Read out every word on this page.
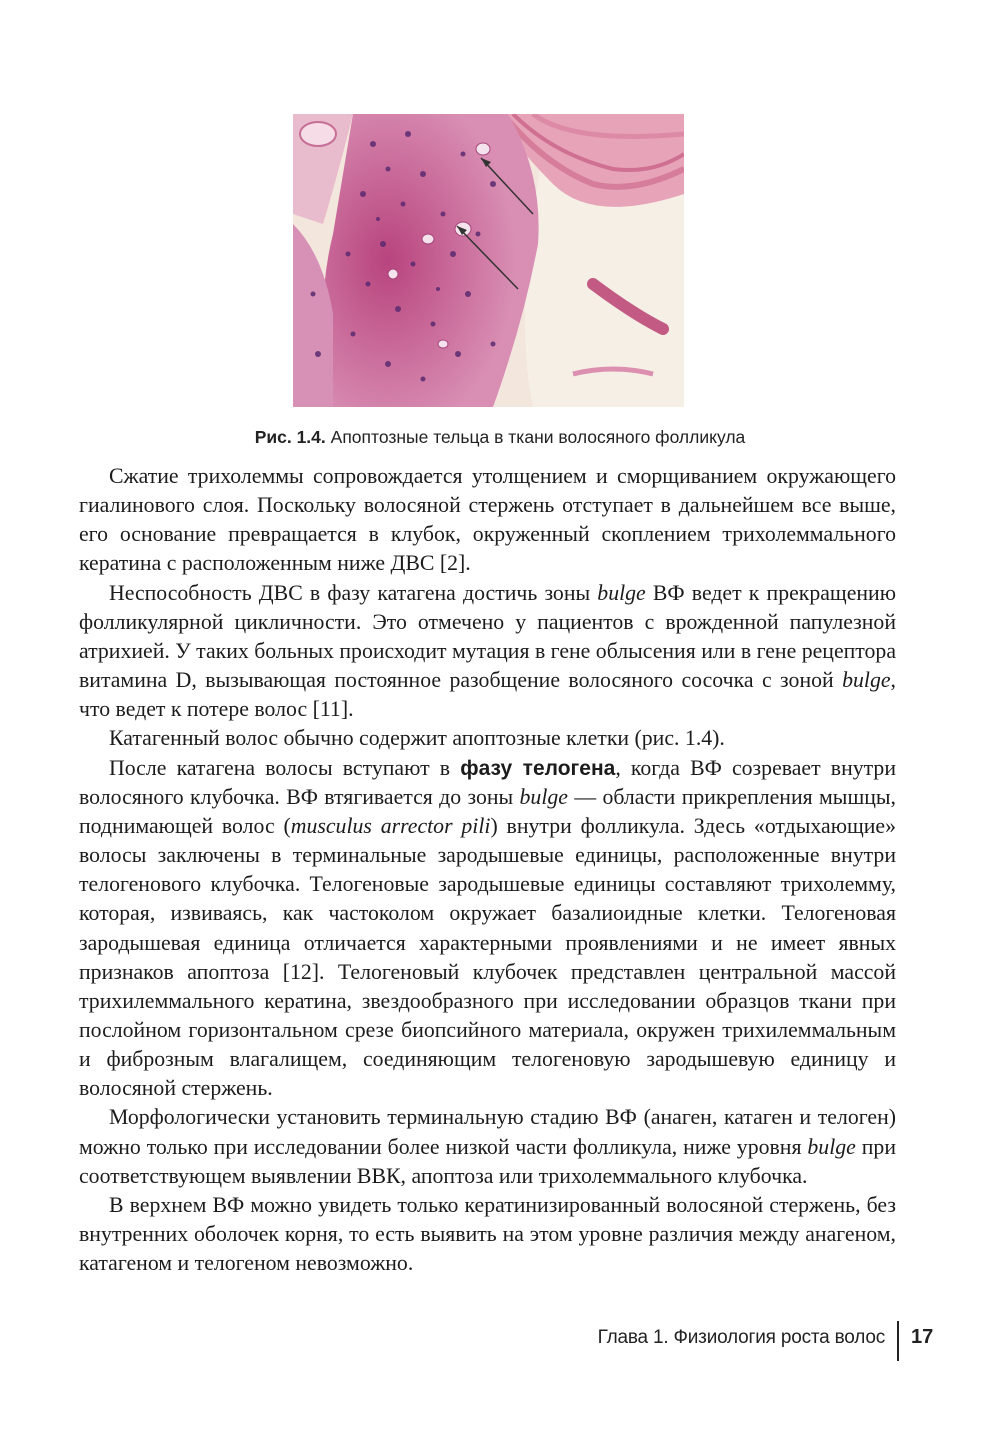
Рис. 1.4. Апоптозные тельца в ткани волосяного фолликула

Сжатие трихолеммы сопровождается утолщением и сморщиванием окружающего гиалинового слоя. Поскольку волосяной стержень отступает в дальнейшем все выше, его основание превращается в клубок, окруженный скоплением трихолеммального кератина с расположенным ниже ДВС [2].

Неспособность ДВС в фазу катагена достичь зоны bulge ВФ ведет к прекращению фолликулярной цикличности. Это отмечено у пациентов с врожденной папулезной атрихией. У таких больных происходит мутация в гене облысения или в гене рецептора витамина D, вызывающая постоянное разобщение волосяного сосочка с зоной bulge, что ведет к потере волос [11].

Катагенный волос обычно содержит апоптозные клетки (рис. 1.4).

После катагена волосы вступают в фазу телогена, когда ВФ созревает внутри волосяного клубочка. ВФ втягивается до зоны bulge — области прикрепления мышцы, поднимающей волос (musculus arrector pili) внутри фолликула. Здесь «отдыхающие» волосы заключены в терминальные зародышевые единицы, расположенные внутри телогенового клубочка. Телогеновые зародышевые единицы составляют трихолемму, которая, извиваясь, как частоколом окружает базалиоидные клетки. Телогеновая зародышевая единица отличается характерными проявлениями и не имеет явных признаков апоптоза [12]. Телогеновый клубочек представлен центральной массой трихилеммального кератина, звездообразного при исследовании образцов ткани при послойном горизонтальном срезе биопсийного материала, окружен трихилеммальным и фиброзным влагалищем, соединяющим телогеновую зародышевую единицу и волосяной стержень.

Морфологически установить терминальную стадию ВФ (анаген, катаген и телоген) можно только при исследовании более низкой части фолликула, ниже уровня bulge при соответствующем выявлении ВВК, апоптоза или трихолеммального клубочка.

В верхнем ВФ можно увидеть только кератинизированный волосяной стержень, без внутренних оболочек корня, то есть выявить на этом уровне различия между анагеном, катагеном и телогеном невозможно.

Глава 1. Физиология роста волос 17
